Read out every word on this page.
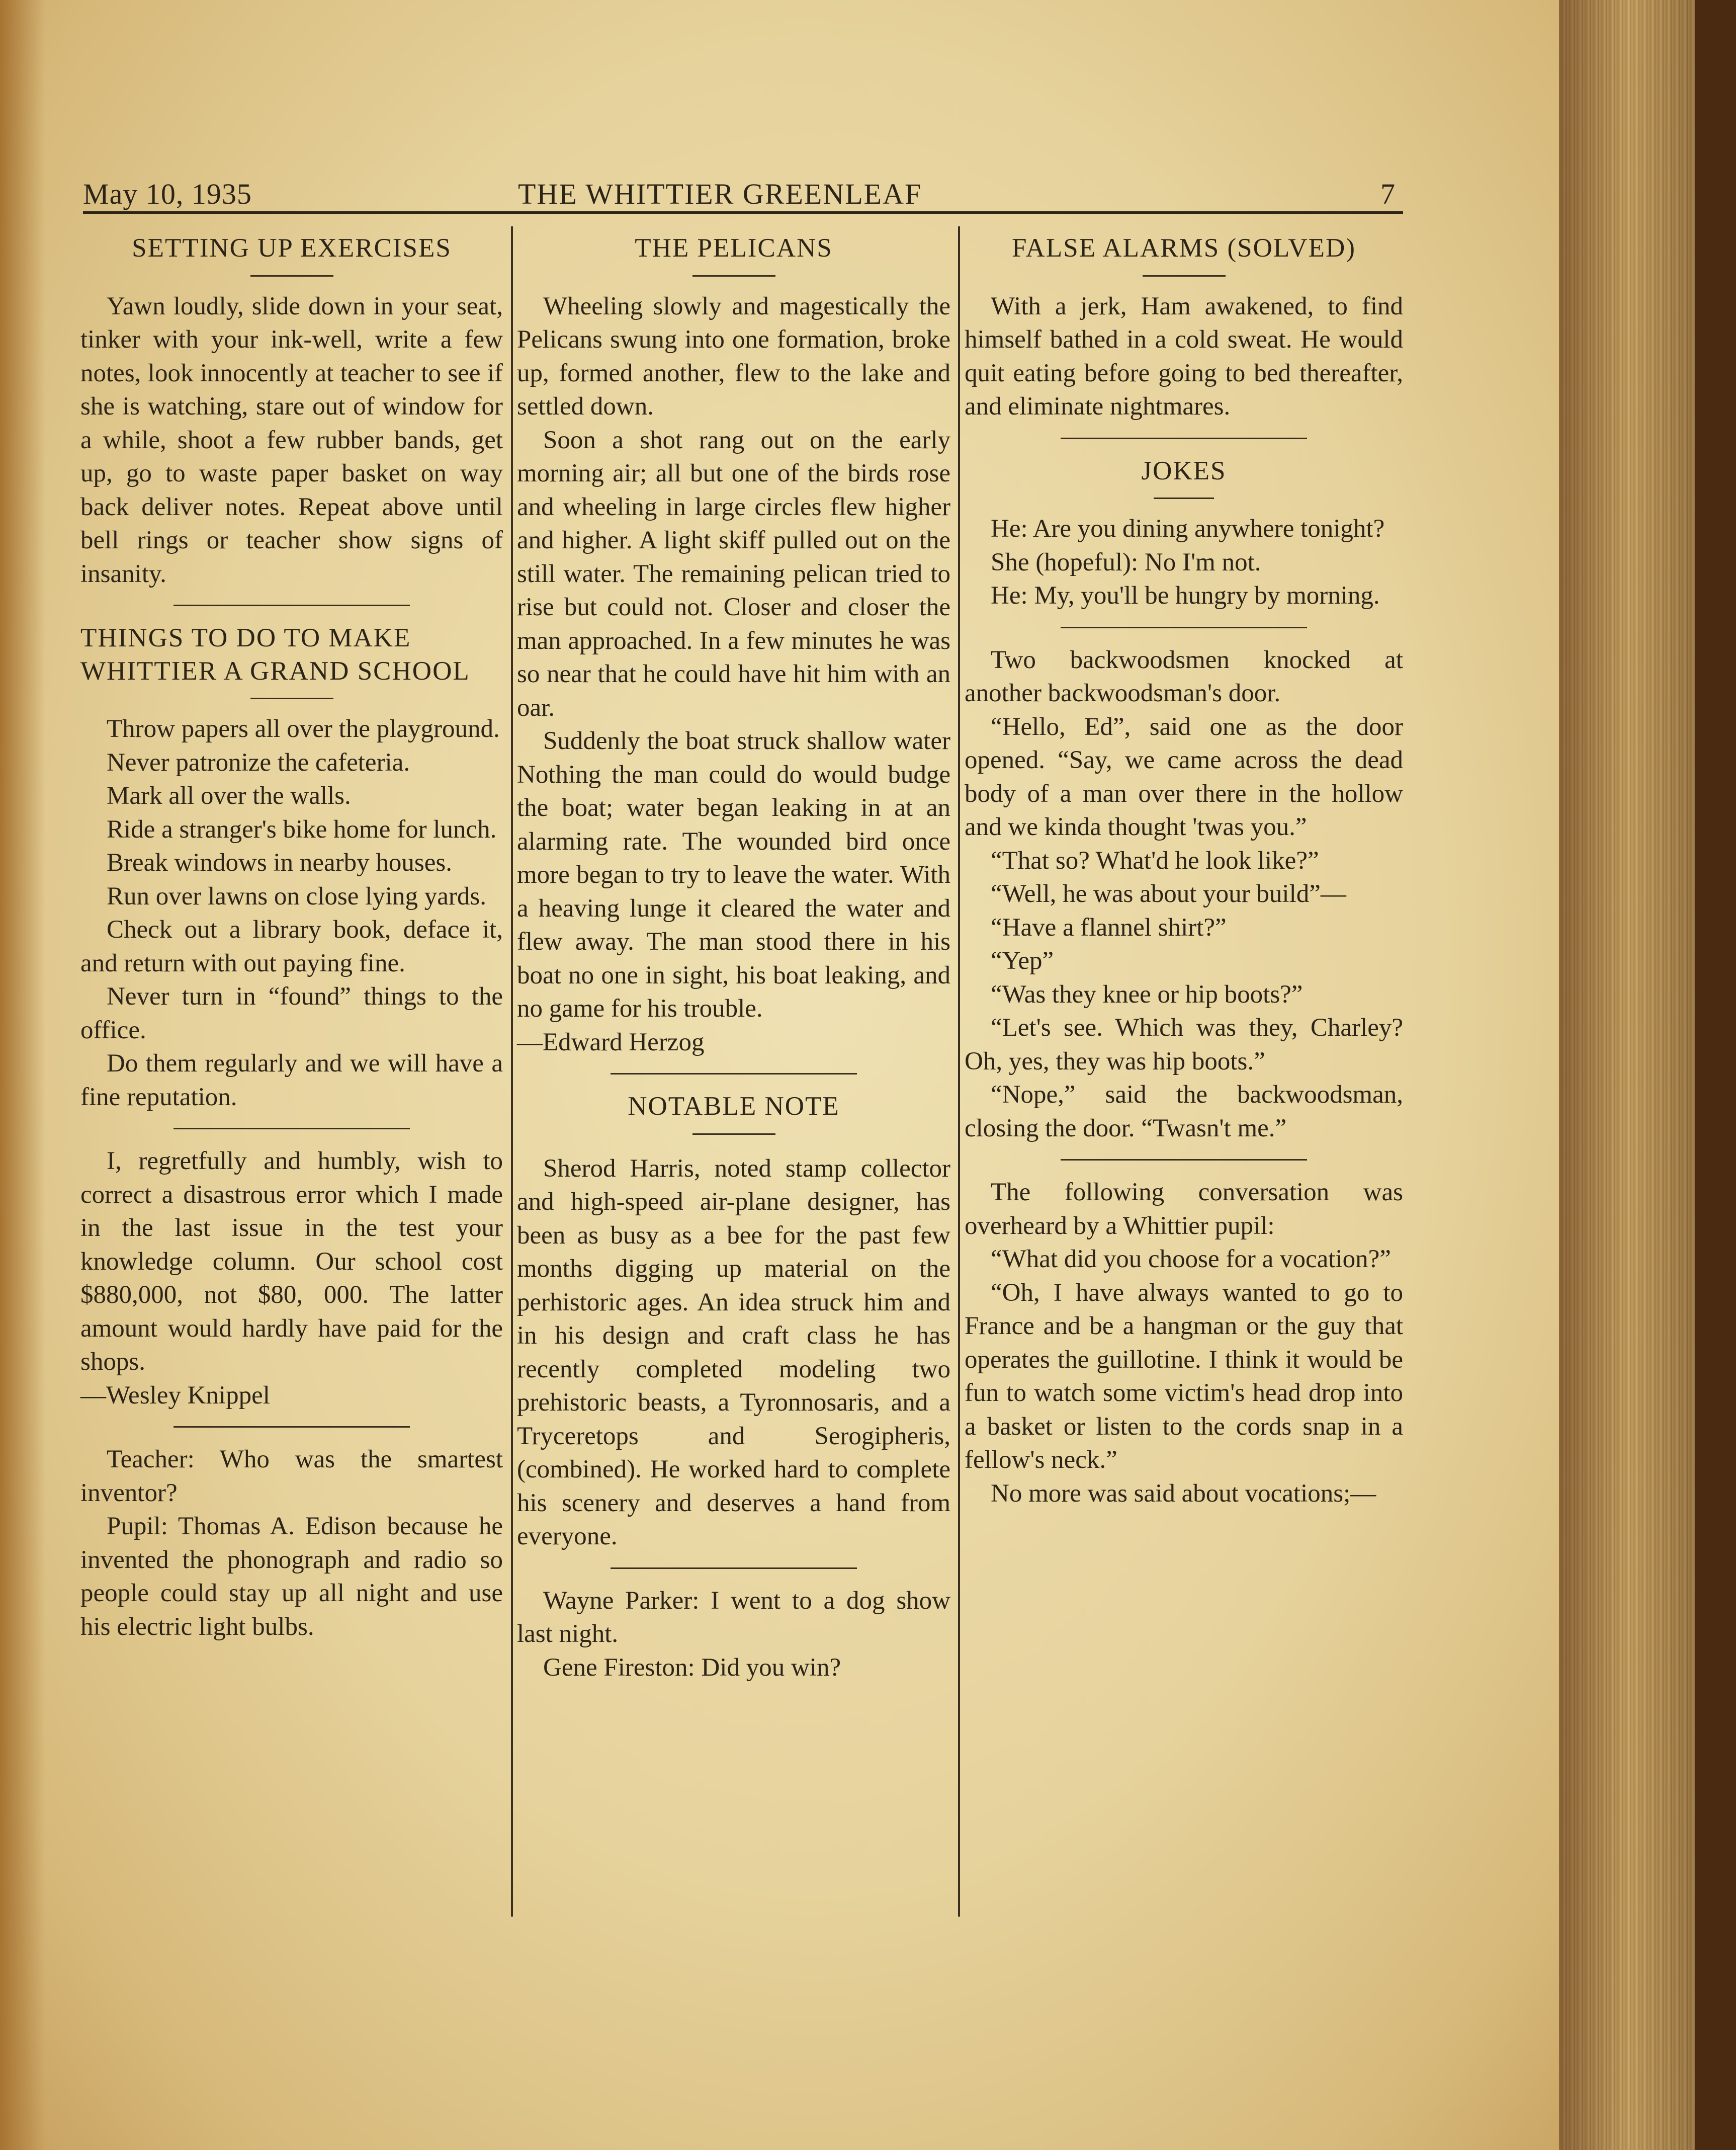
May 10, 1935	THE WHITTIER GREENLEAF	7
SETTING UP EXERCISES

Yawn loudly, slide down in your seat, tinker with your ink-well, write a few notes, look innocently at teacher to see if she is watching, stare out of window for a while, shoot a few rubber bands, get up, go to waste paper basket on way back deliver notes. Repeat above until bell rings or teacher show signs of insanity.

THINGS TO DO TO MAKE WHITTIER A GRAND SCHOOL

Throw papers all over the playground.

Never patronize the cafeteria.

Mark all over the walls.

Ride a stranger's bike home for lunch.

Break windows in nearby houses.

Run over lawns on close lying yards.

Check out a library book, deface it, and return with out paying fine.

Never turn in “found” things to the office.

Do them regularly and we will have a fine reputation.

I, regretfully and humbly, wish to correct a disastrous error which I made in the last issue in the test your knowledge column. Our school cost $880,000, not $80, 000. The latter amount would hardly have paid for the shops.

—Wesley Knippel

Teacher: Who was the smartest inventor?

Pupil: Thomas A. Edison because he invented the phonograph and radio so people could stay up all night and use his electric light bulbs.

THE PELICANS

Wheeling slowly and magestically the Pelicans swung into one formation, broke up, formed another, flew to the lake and settled down.

Soon a shot rang out on the early morning air; all but one of the birds rose and wheeling in large circles flew higher and higher. A light skiff pulled out on the still water. The remaining pelican tried to rise but could not. Closer and closer the man approached. In a few minutes he was so near that he could have hit him with an oar.

Suddenly the boat struck shallow water Nothing the man could do would budge the boat; water began leaking in at an alarming rate. The wounded bird once more began to try to leave the water. With a heaving lunge it cleared the water and flew away. The man stood there in his boat no one in sight, his boat leaking, and no game for his trouble.

—Edward Herzog

NOTABLE NOTE

Sherod Harris, noted stamp collector and high-speed air-plane designer, has been as busy as a bee for the past few months digging up material on the perhistoric ages. An idea struck him and in his design and craft class he has recently completed modeling two prehistoric beasts, a Tyronnosaris, and a Tryceretops and Serogipheris, (combined). He worked hard to complete his scenery and deserves a hand from everyone.

Wayne Parker: I went to a dog show last night.

Gene Fireston: Did you win?

FALSE ALARMS (SOLVED)

With a jerk, Ham awakened, to find himself bathed in a cold sweat. He would quit eating before going to bed thereafter, and eliminate nightmares.

JOKES

He: Are you dining anywhere tonight?

She (hopeful): No I'm not.

He: My, you'll be hungry by morning.

Two backwoodsmen knocked at another backwoodsman's door.

“Hello, Ed”, said one as the door opened. “Say, we came across the dead body of a man over there in the hollow and we kinda thought 'twas you.”

“That so? What'd he look like?”

“Well, he was about your build”—

“Have a flannel shirt?”

“Yep”

“Was they knee or hip boots?”

“Let's see. Which was they, Charley? Oh, yes, they was hip boots.”

“Nope,” said the backwoodsman, closing the door. “Twasn't me.”

The following conversation was overheard by a Whittier pupil:

“What did you choose for a vocation?”

“Oh, I have always wanted to go to France and be a hangman or the guy that operates the guillotine. I think it would be fun to watch some victim's head drop into a basket or listen to the cords snap in a fellow's neck.”

No more was said about vocations;—
